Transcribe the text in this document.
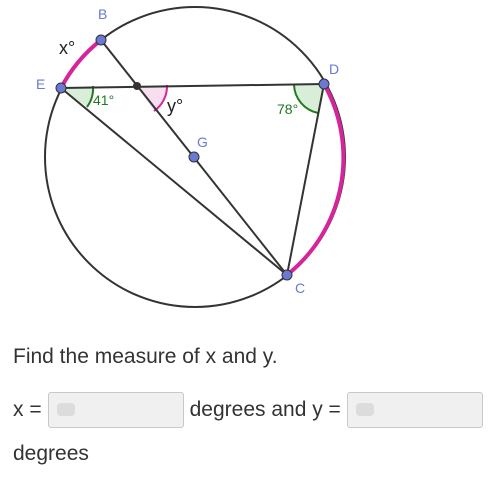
B
D
E
G
C
41°
78°
x°
y°
Find the measure of x and y.
x =	degrees and y =
degrees
